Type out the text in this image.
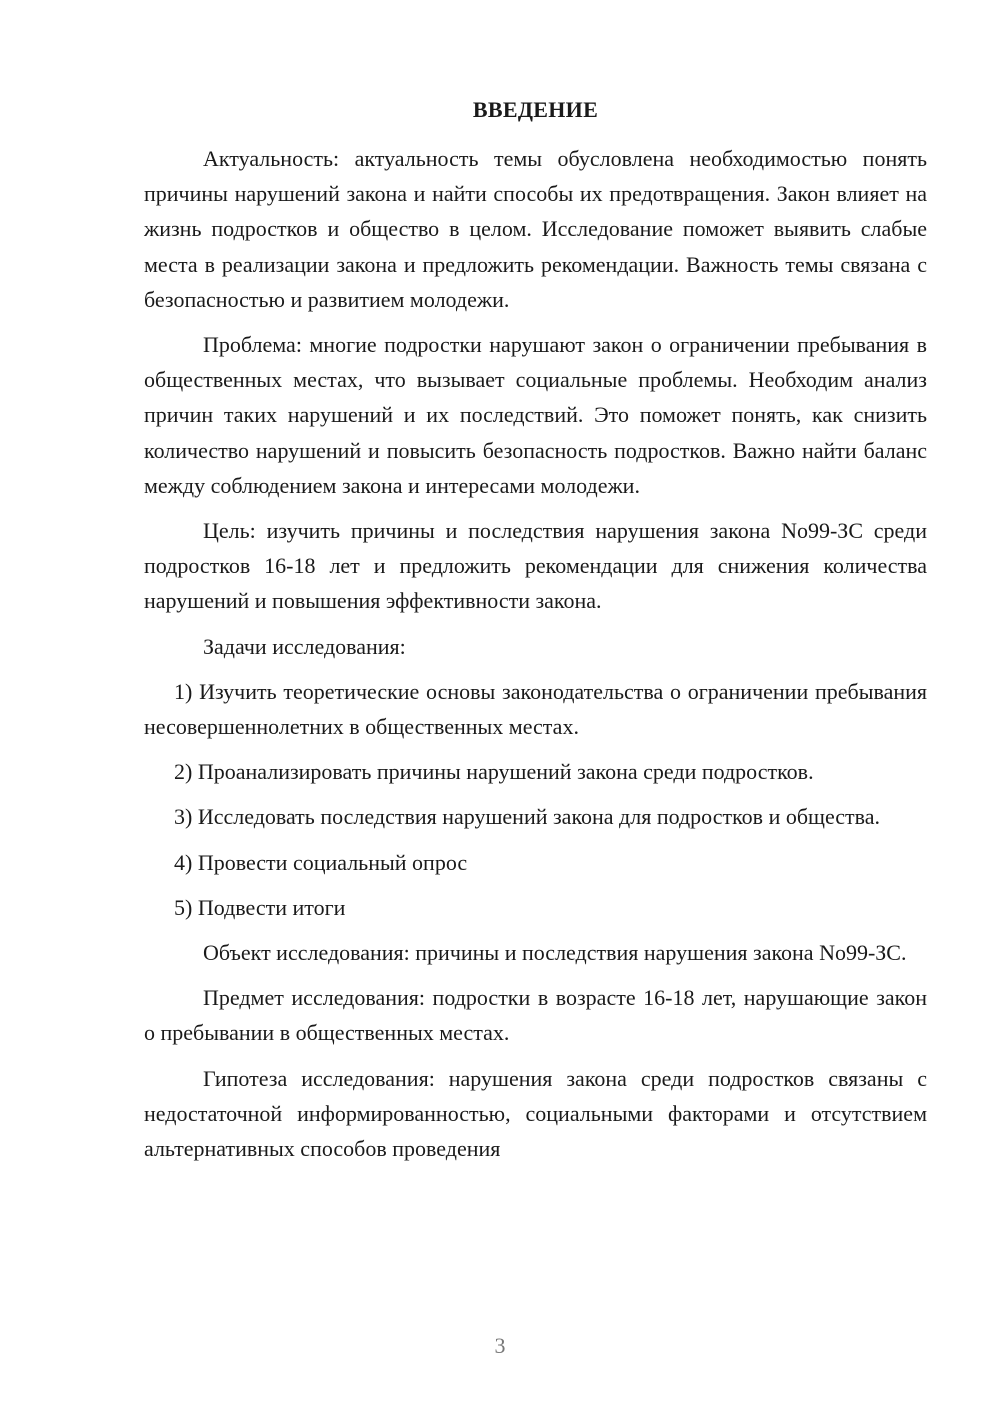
ВВЕДЕНИЕ

Актуальность: актуальность темы обусловлена необходимостью понять причины нарушений закона и найти способы их предотвращения. Закон влияет на жизнь подростков и общество в целом. Исследование поможет выявить слабые места в реализации закона и предложить рекомендации. Важность темы связана с безопасностью и развитием молодежи.

Проблема: многие подростки нарушают закон о ограничении пребывания в общественных местах, что вызывает социальные проблемы. Необходим анализ причин таких нарушений и их последствий. Это поможет понять, как снизить количество нарушений и повысить безопасность подростков. Важно найти баланс между соблюдением закона и интересами молодежи.

Цель: изучить причины и последствия нарушения закона No99-ЗС среди подростков 16-18 лет и предложить рекомендации для снижения количества нарушений и повышения эффективности закона.

Задачи исследования:

1) Изучить теоретические основы законодательства о ограничении пребывания несовершеннолетних в общественных местах.

2) Проанализировать причины нарушений закона среди подростков.

3) Исследовать последствия нарушений закона для подростков и общества.

4) Провести социальный опрос

5) Подвести итоги

Объект исследования: причины и последствия нарушения закона No99-ЗС.

Предмет исследования: подростки в возрасте 16-18 лет, нарушающие закон о пребывании в общественных местах.

Гипотеза исследования: нарушения закона среди подростков связаны с недостаточной информированностью, социальными факторами и отсутствием альтернативных способов проведения

3
